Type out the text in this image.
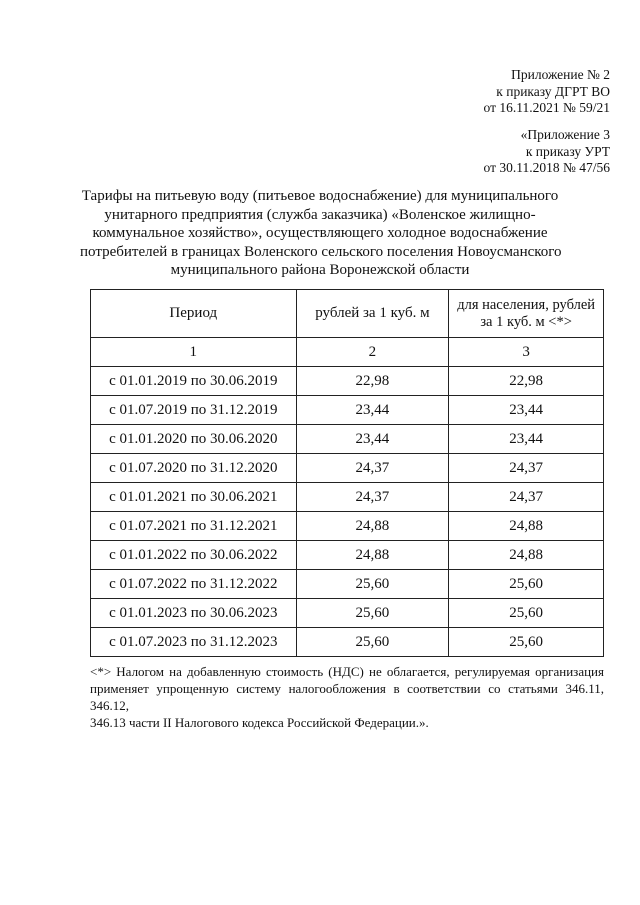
Приложение № 2
к приказу ДГРТ ВО
от 16.11.2021 № 59/21
«Приложение 3
к приказу УРТ
от 30.11.2018 № 47/56
Тарифы на питьевую воду (питьевое водоснабжение) для муниципального
унитарного предприятия (служба заказчика) «Воленское жилищно-
коммунальное хозяйство», осуществляющего холодное водоснабжение
потребителей в границах Воленского сельского поселения Новоусманского
муниципального района Воронежской области
Период	рублей за 1 куб. м	для населения, рублей
за 1 куб. м <*>

1	2	3
с 01.01.2019 по 30.06.2019	22,98	22,98
с 01.07.2019 по 31.12.2019	23,44	23,44
с 01.01.2020 по 30.06.2020	23,44	23,44
с 01.07.2020 по 31.12.2020	24,37	24,37
с 01.01.2021 по 30.06.2021	24,37	24,37
с 01.07.2021 по 31.12.2021	24,88	24,88
с 01.01.2022 по 30.06.2022	24,88	24,88
с 01.07.2022 по 31.12.2022	25,60	25,60
с 01.01.2023 по 30.06.2023	25,60	25,60
с 01.07.2023 по 31.12.2023	25,60	25,60
<*> Налогом на добавленную стоимость (НДС) не облагается, регулируемая организация
применяет упрощенную систему налогообложения в соответствии со статьями 346.11, 346.12,
346.13 части II Налогового кодекса Российской Федерации.».
